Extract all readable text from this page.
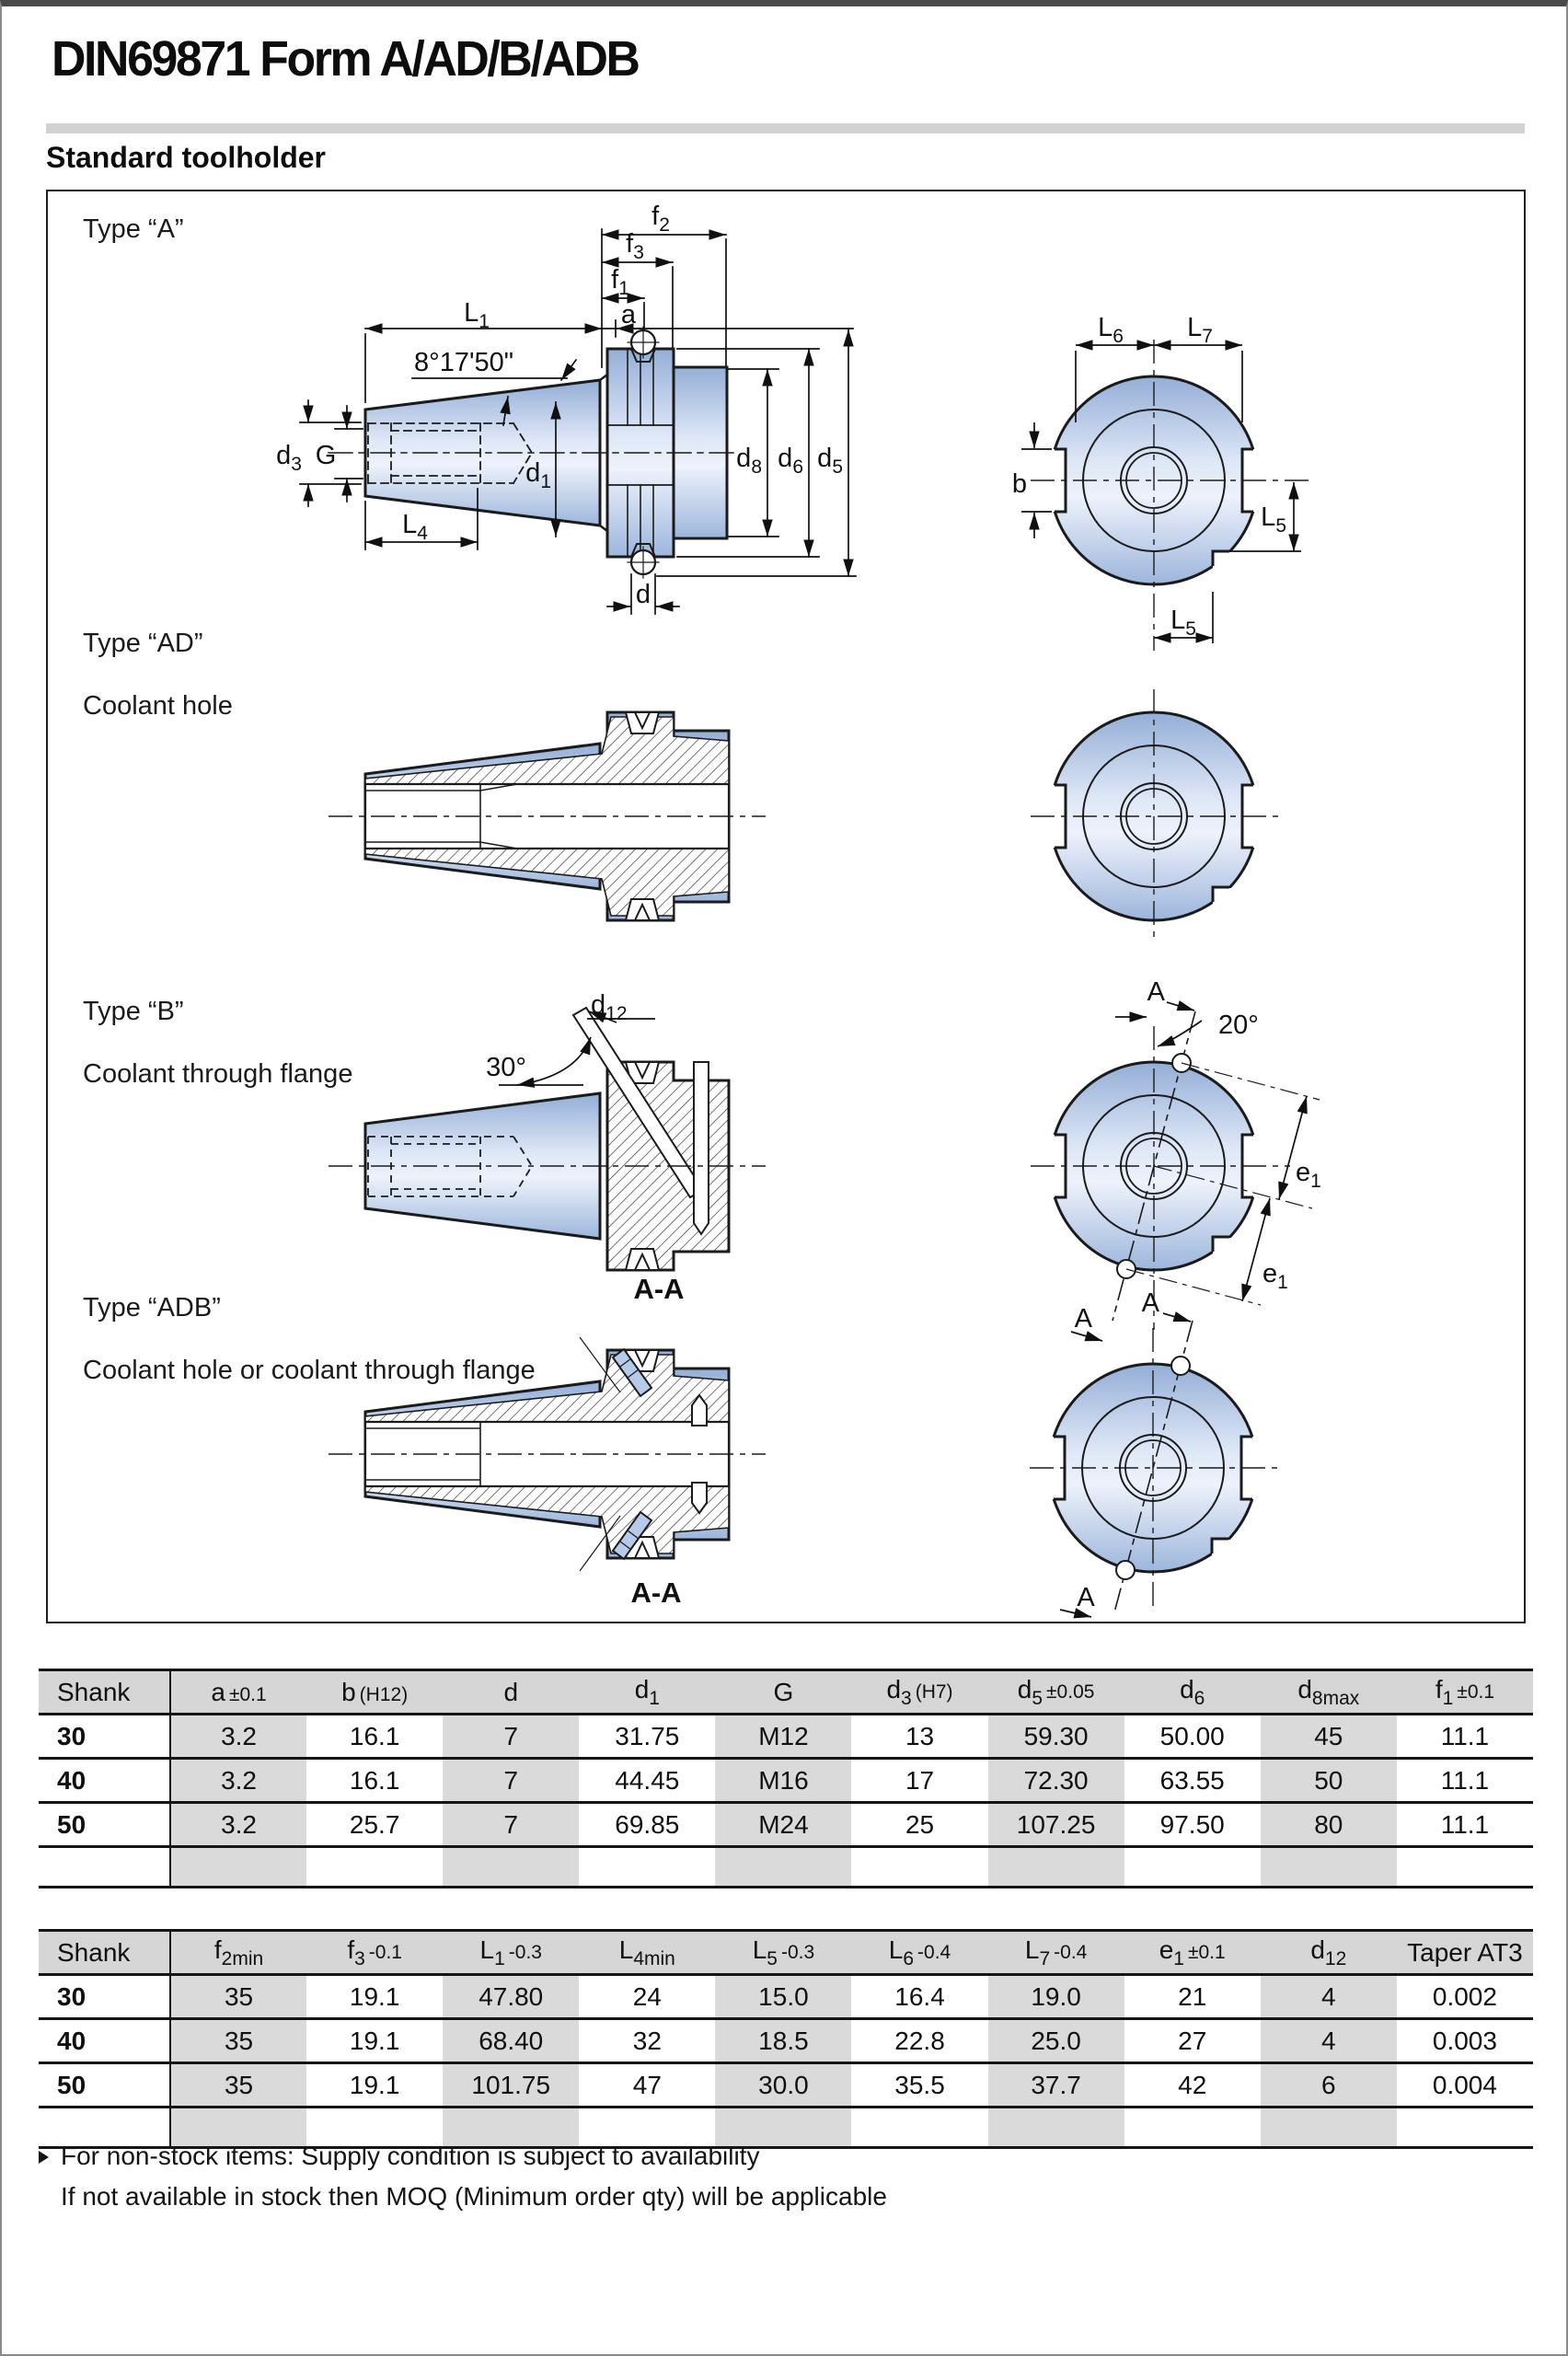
DIN69871 Form A/AD/B/ADB
Standard toolholder
Type “A”
Type “AD”
Coolant hole
Type “B”
Coolant through flange
Type “ADB”
Coolant hole or coolant through flange
$L_1$	a
$f_1$
$f_3$
$f_2$
8°17'50"
$d_1$
$d_3$ G
$L_4$
$d_8$ $d_6$ $d_5$
d
$L_6$ $L_7$
b
$L_5$
$L_5$
30°
$d_{12}$
A-A
A
A
20°
$e_1$
$e_1$
A-A
A
A
Shank	a ±0.1	b (H12)	d	$d_1$	G	$d_3$ (H7)	$d_5 \pm 0.05$	$d_6$	$d_{8max}$	$f_1 \pm 0.1$
30	3.2	16.1	7	31.75	M12	13	59.30	50.00	45	11.1
40	3.2	16.1	7	44.45	M16	17	72.30	63.55	50	11.1
50	3.2	25.7	7	69.85	M24	25	107.25	97.50	80	11.1

Shank	$f_{2min}$	$f_3$ -0.1	$L_1$ -0.3	$L_{4min}$	$L_5$ -0.3	$L_6$ -0.4	$L_7$ -0.4	$e_1 \pm 0.1$	$d_{12}$	Taper AT3
30	35	19.1	47.80	24	15.0	16.4	19.0	21	4	0.002
40	35	19.1	68.40	32	18.5	22.8	25.0	27	4	0.003
50	35	19.1	101.75	47	30.0	35.5	37.7	42	6	0.004

For non-stock items: Supply condition is subject to availability
If not available in stock then MOQ (Minimum order qty) will be applicable
